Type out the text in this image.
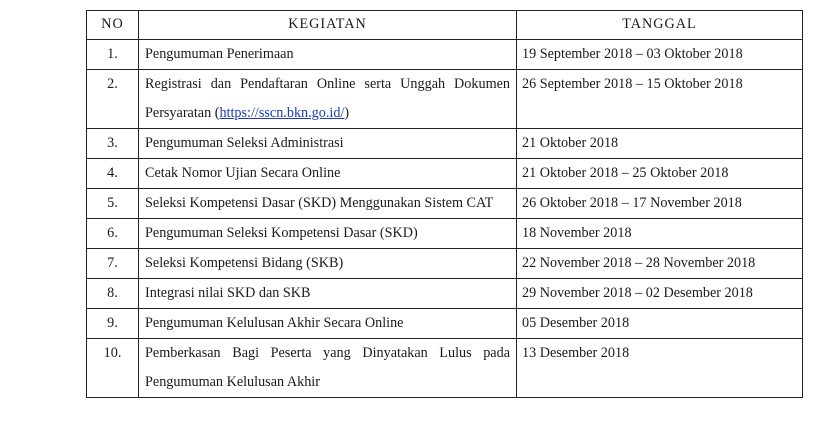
NO	KEGIATAN	TANGGAL
1.	Pengumuman Penerimaan	19 September 2018 – 03 Oktober 2018
2.	Registrasi dan Pendaftaran Online serta Unggah Dokumen Persyaratan (https://sscn.bkn.go.id/)	26 September 2018 – 15 Oktober 2018
3.	Pengumuman Seleksi Administrasi	21 Oktober 2018
4.	Cetak Nomor Ujian Secara Online	21 Oktober 2018 – 25 Oktober 2018
5.	Seleksi Kompetensi Dasar (SKD) Menggunakan Sistem CAT	26 Oktober 2018 – 17 November 2018
6.	Pengumuman Seleksi Kompetensi Dasar (SKD)	18 November 2018
7.	Seleksi Kompetensi Bidang (SKB)	22 November 2018 – 28 November 2018
8.	Integrasi nilai SKD dan SKB	29 November 2018 – 02 Desember 2018
9.	Pengumuman Kelulusan Akhir Secara Online	05 Desember 2018
10.	Pemberkasan Bagi Peserta yang Dinyatakan Lulus pada Pengumuman Kelulusan Akhir	13 Desember 2018
